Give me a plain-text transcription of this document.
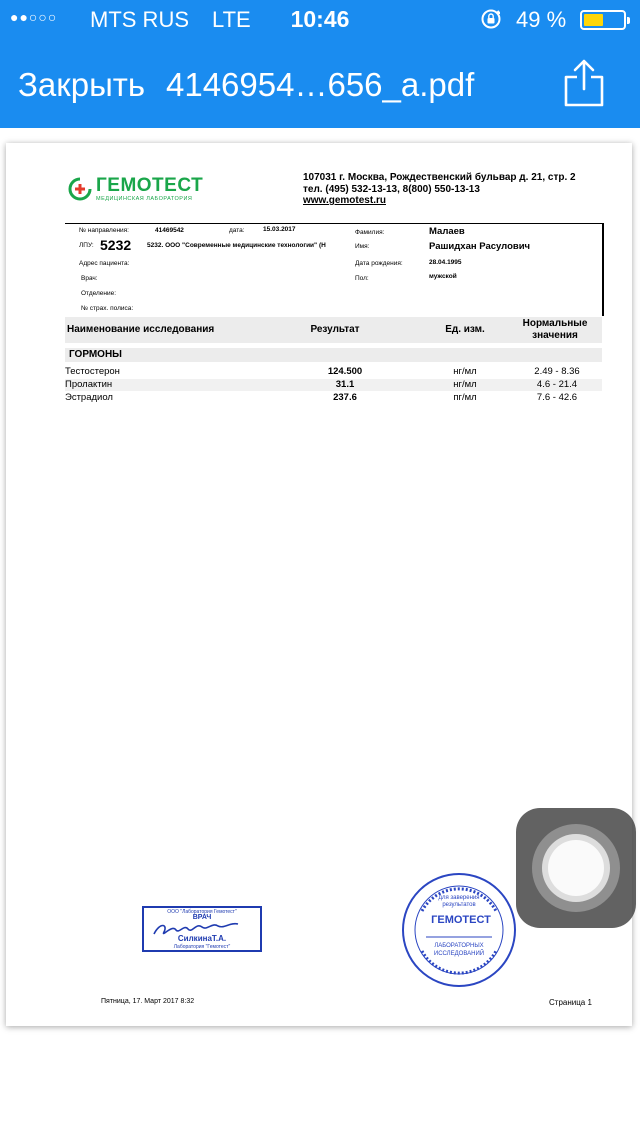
●●○○○ MTS RUS LTE	10:46	49 %
Закрыть 4146954…656_a.pdf
ГЕМОТЕСТ
МЕДИЦИНСКАЯ ЛАБОРАТОРИЯ
107031 г. Москва, Рождественский бульвар д. 21, стр. 2
тел. (495) 532-13-13, 8(800) 550-13-13
www.gemotest.ru
№ направления:	41469542	дата:	15.03.2017
ЛПУ: 5232 5232. ООО "Современные медицинские технологии" (Н
Адрес пациента:
Врач:
Отделение:
№ страх. полиса:
Фамилия:	Малаев
Имя:	Рашидхан Расулович
Дата рождения:	28.04.1995
Пол:	мужской
Наименование исследования	Результат	Ед. изм.
Нормальные
значения
ГОРМОНЫ
Тестостерон	124.500	нг/мл	2.49 - 8.36
Пролактин	31.1	нг/мл	4.6 - 21.4
Эстрадиол	237.6	пг/мл	7.6 - 42.6
ООО "Лаборатория Гемотест"
ВРАЧ
СилкинаТ.А.
Лаборатория "Гемотест"
для заверения результатов
ГЕМОТЕСТ
ЛАБОРАТОРНЫХ ИССЛЕДОВАНИЙ
Пятница, 17. Март 2017 8:32	Страница 1
